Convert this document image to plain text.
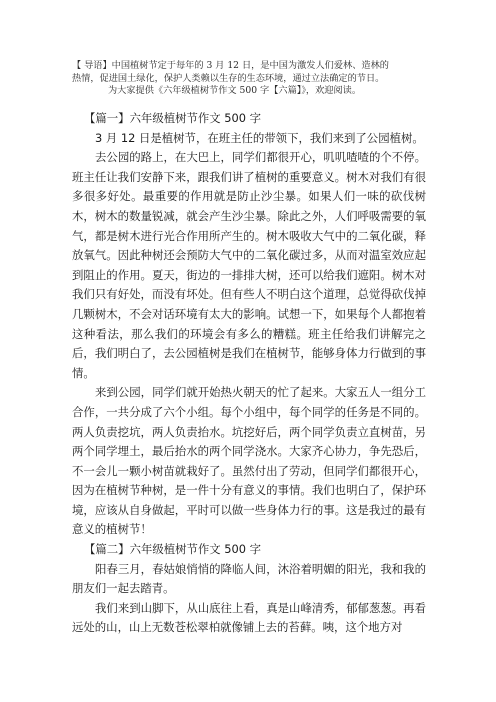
【 导语】中国植树节定于每年的 3 月 12 日，是中国为激发人们爱林、造林的

热情，促进国土绿化，保护人类赖以生存的生态环境，通过立法确定的节日。

为大家提供《六年级植树节作文 500 字【六篇】》，欢迎阅读。

【篇一】六年级植树节作文 500 字

3 月 12 日是植树节，在班主任的带领下，我们来到了公园植树。

去公园的路上，在大巴上，同学们都很开心，叽叽喳喳的个不停。班主任让我们安静下来，跟我们讲了植树的重要意义。树木对我们有很多很多好处。最重要的作用就是防止沙尘暴。如果人们一味的砍伐树木，树木的数量锐减，就会产生沙尘暴。除此之外，人们呼吸需要的氧气，都是树木进行光合作用所产生的。树木吸收大气中的二氧化碳，释放氧气。因此种树还会预防大气中的二氧化碳过多，从而对温室效应起到阻止的作用。夏天，街边的一排排大树，还可以给我们遮阳。树木对我们只有好处，而没有坏处。但有些人不明白这个道理，总觉得砍伐掉几颗树木，不会对话环境有太大的影响。试想一下，如果每个人都抱着这种看法，那么我们的环境会有多么的糟糕。班主任给我们讲解完之后，我们明白了，去公园植树是我们在植树节，能够身体力行做到的事情。

来到公园，同学们就开始热火朝天的忙了起来。大家五人一组分工合作，一共分成了六个小组。每个小组中，每个同学的任务是不同的。两人负责挖坑，两人负责抬水。坑挖好后，两个同学负责立直树苗，另两个同学埋土，最后抬水的两个同学浇水。大家齐心协力，争先恐后，不一会儿一颗小树苗就栽好了。虽然付出了劳动，但同学们都很开心，因为在植树节种树，是一件十分有意义的事情。我们也明白了，保护环境，应该从自身做起，平时可以做一些身体力行的事。这是我过的最有意义的植树节！

【篇二】六年级植树节作文 500 字

阳春三月，春姑娘悄悄的降临人间，沐浴着明媚的阳光，我和我的朋友们一起去踏青。

我们来到山脚下，从山底往上看，真是山峰清秀，郁郁葱葱。再看远处的山，山上无数苍松翠柏就像铺上去的苔藓。咦，这个地方对
